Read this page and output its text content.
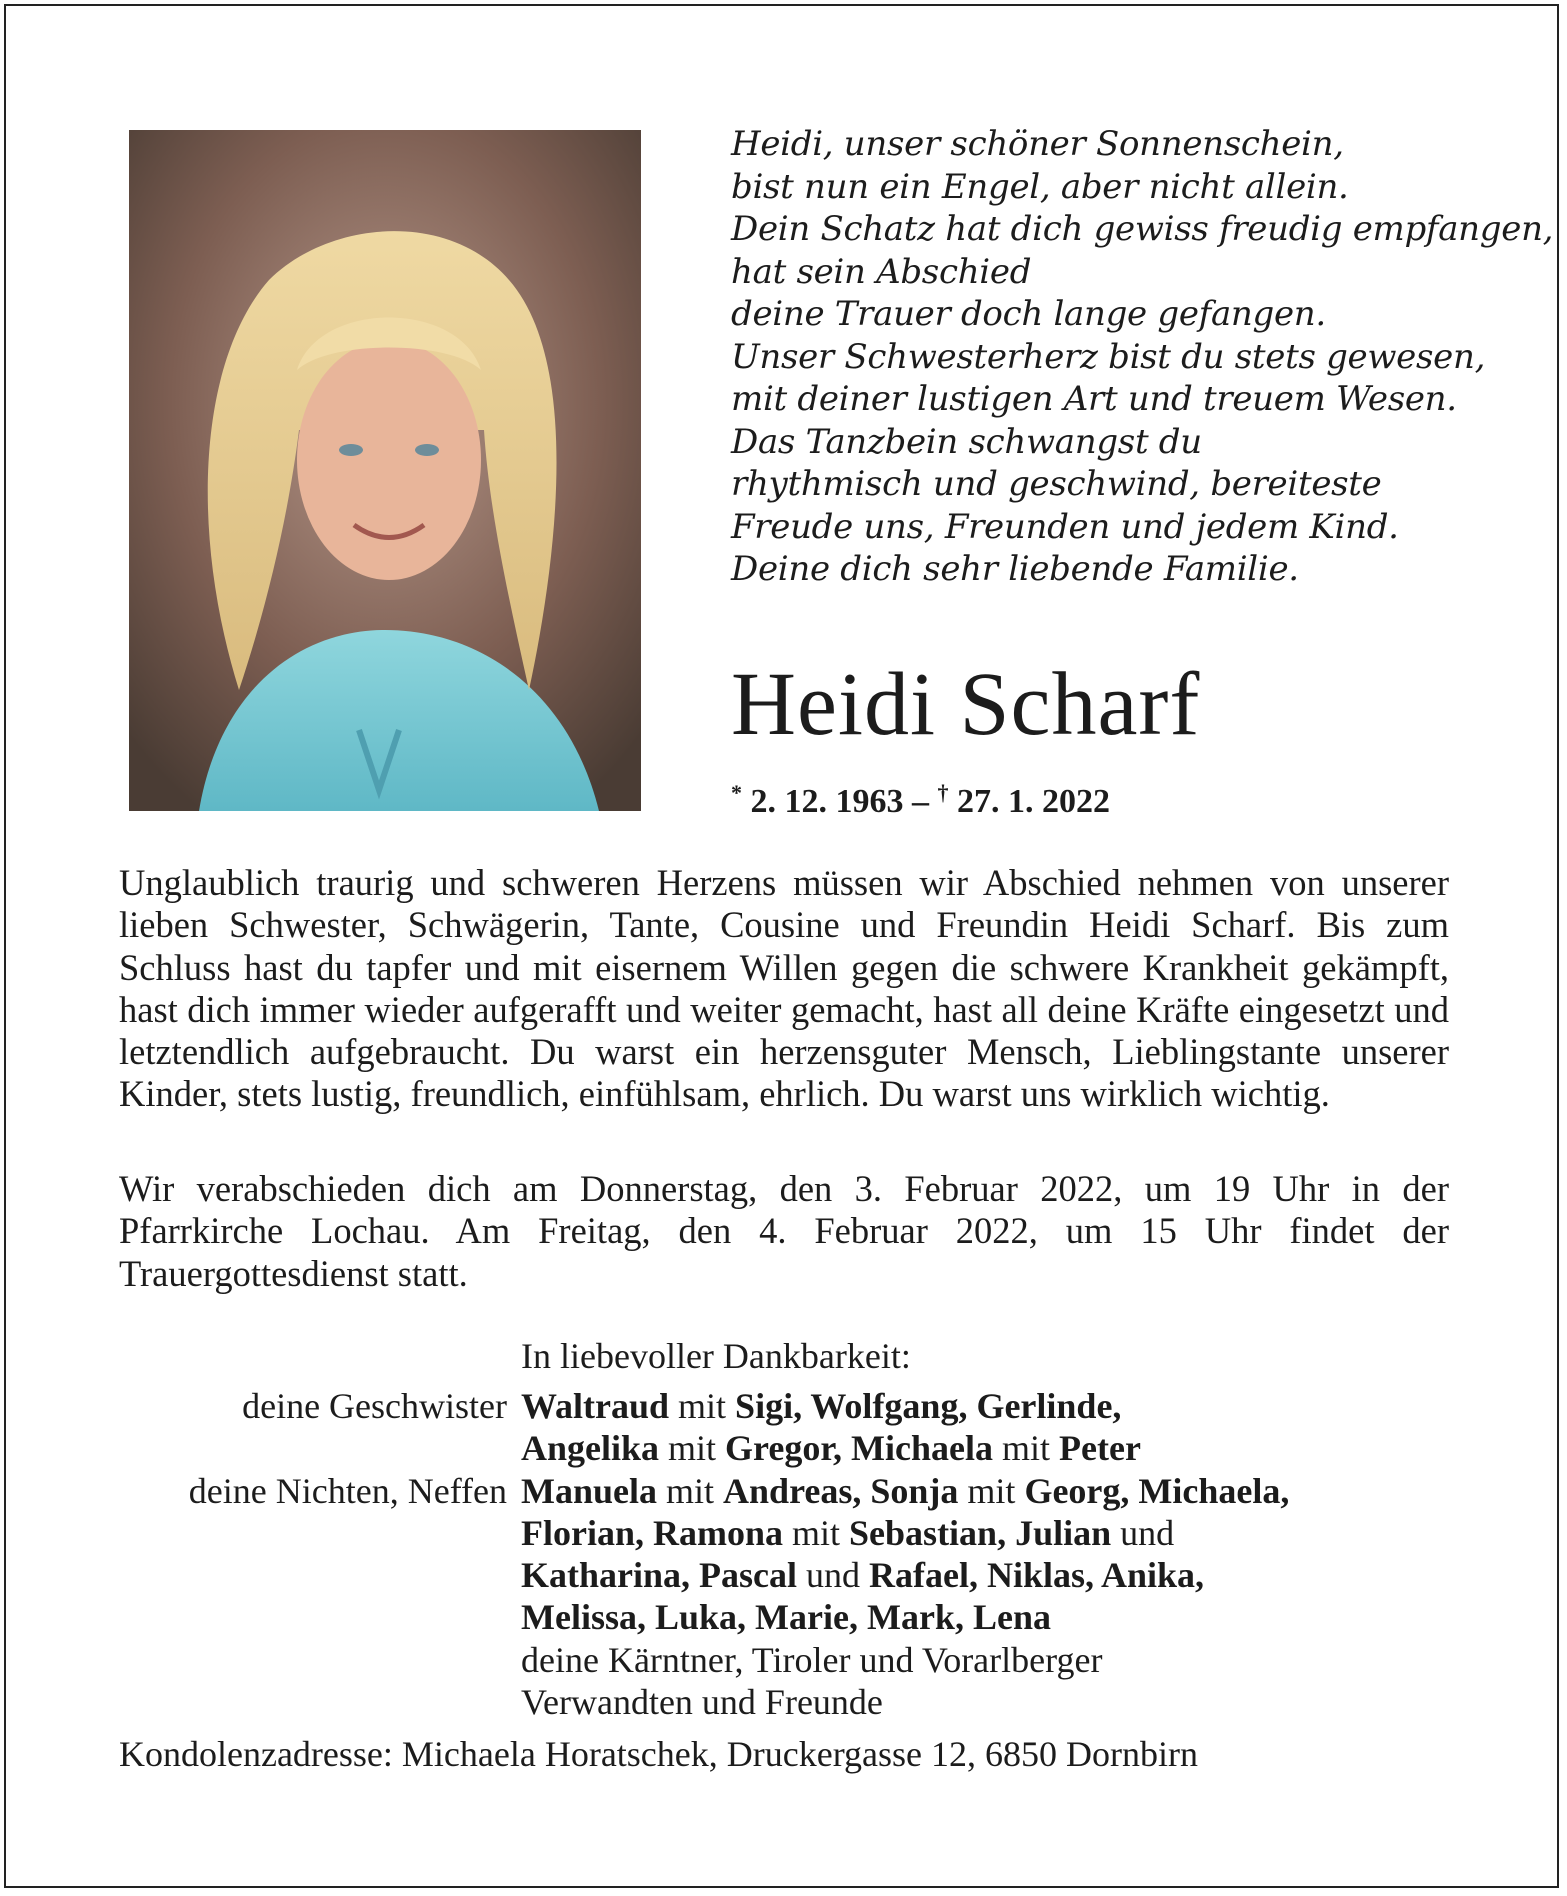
Heidi, unser schöner Sonnenschein,
bist nun ein Engel, aber nicht allein.
Dein Schatz hat dich gewiss freudig empfangen,
hat sein Abschied
deine Trauer doch lange gefangen.
Unser Schwesterherz bist du stets gewesen,
mit deiner lustigen Art und treuem Wesen.
Das Tanzbein schwangst du
rhythmisch und geschwind, bereiteste
Freude uns, Freunden und jedem Kind.
Deine dich sehr liebende Familie.
Heidi Scharf
* 2. 12. 1963 – † 27. 1. 2022
Unglaublich traurig und schweren Herzens müssen wir Abschied nehmen von unserer lieben Schwester, Schwägerin, Tante, Cousine und Freundin Heidi Scharf. Bis zum Schluss hast du tapfer und mit eisernem Willen gegen die schwere Krankheit gekämpft, hast dich immer wieder aufgerafft und weiter gemacht, hast all deine Kräfte eingesetzt und letztendlich aufgebraucht. Du warst ein herzensguter Mensch, Lieblingstante unserer Kinder, stets lustig, freundlich, einfühlsam, ehrlich. Du warst uns wirklich wichtig.
Wir verabschieden dich am Donnerstag, den 3. Februar 2022, um 19 Uhr in der Pfarrkirche Lochau. Am Freitag, den 4. Februar 2022, um 15 Uhr findet der Trauergottesdienst statt.
In liebevoller Dankbarkeit:
deine Geschwister
deine Nichten, Neffen
Waltraud mit Sigi, Wolfgang, Gerlinde,
Angelika mit Gregor, Michaela mit Peter
Manuela mit Andreas, Sonja mit Georg, Michaela,
Florian, Ramona mit Sebastian, Julian und
Katharina, Pascal und Rafael, Niklas, Anika,
Melissa, Luka, Marie, Mark, Lena
deine Kärntner, Tiroler und Vorarlberger
Verwandten und Freunde
Kondolenzadresse: Michaela Horatschek, Druckergasse 12, 6850 Dornbirn
